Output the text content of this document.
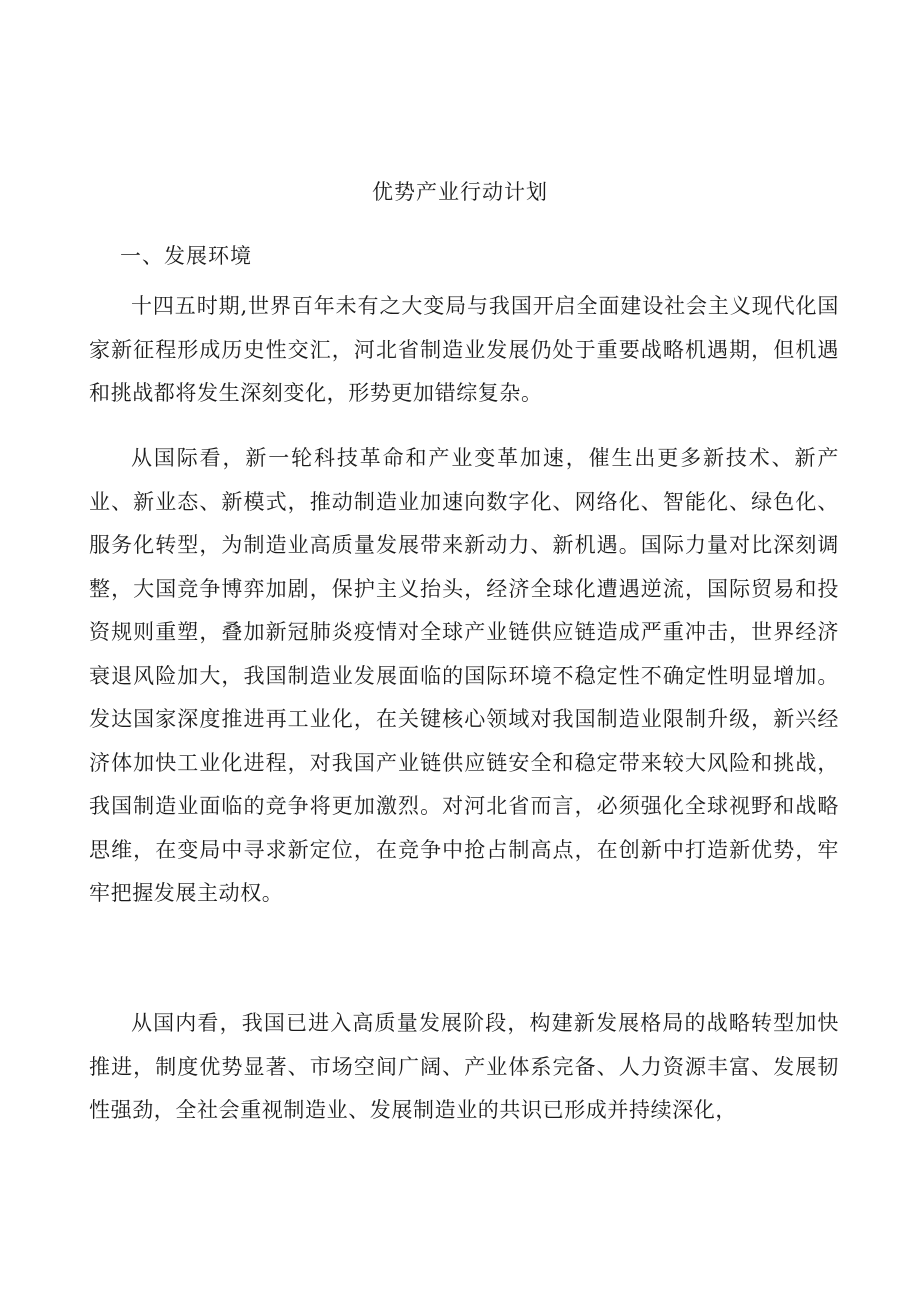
优势产业行动计划
一、发展环境

十四五时期,世界百年未有之大变局与我国开启全面建设社会主义现代化国家新征程形成历史性交汇，河北省制造业发展仍处于重要战略机遇期，但机遇和挑战都将发生深刻变化，形势更加错综复杂。

从国际看，新一轮科技革命和产业变革加速，催生出更多新技术、新产业、新业态、新模式，推动制造业加速向数字化、网络化、智能化、绿色化、服务化转型，为制造业高质量发展带来新动力、新机遇。国际力量对比深刻调整，大国竞争博弈加剧，保护主义抬头，经济全球化遭遇逆流，国际贸易和投资规则重塑，叠加新冠肺炎疫情对全球产业链供应链造成严重冲击，世界经济衰退风险加大，我国制造业发展面临的国际环境不稳定性不确定性明显增加。发达国家深度推进再工业化，在关键核心领域对我国制造业限制升级，新兴经济体加快工业化进程，对我国产业链供应链安全和稳定带来较大风险和挑战，我国制造业面临的竞争将更加激烈。对河北省而言，必须强化全球视野和战略思维，在变局中寻求新定位，在竞争中抢占制高点，在创新中打造新优势，牢牢把握发展主动权。

从国内看，我国已进入高质量发展阶段，构建新发展格局的战略转型加快推进，制度优势显著、市场空间广阔、产业体系完备、人力资源丰富、发展韧性强劲，全社会重视制造业、发展制造业的共识已形成并持续深化，
